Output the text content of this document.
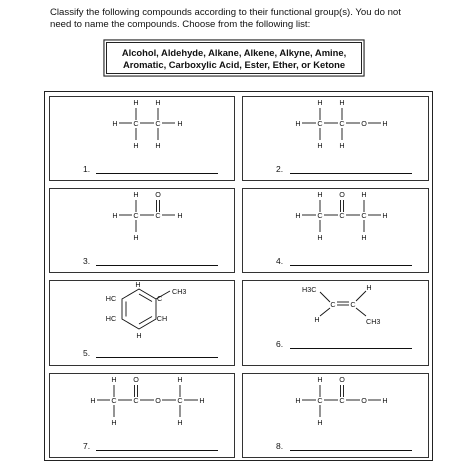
Classify the following compounds according to their functional group(s). You do not
need to name the compounds. Choose from the following list:
Alcohol, Aldehyde, Alkane, Alkene, Alkyne, Amine,
Aromatic, Carboxylic Acid, Ester, Ether, or Ketone
H H
H C C H
H H
1.
H H
H C C O H
H H
2.
H O
H C C H
H
3.
H O H
H C C C H
H	H
4.
H
C
CH3
HC
HC	CH
H
5.
H3C
C C
H
H	CH3
6.
H O	H
H C C O C H
H	H
7.
H O
H C C O H
H
8.
